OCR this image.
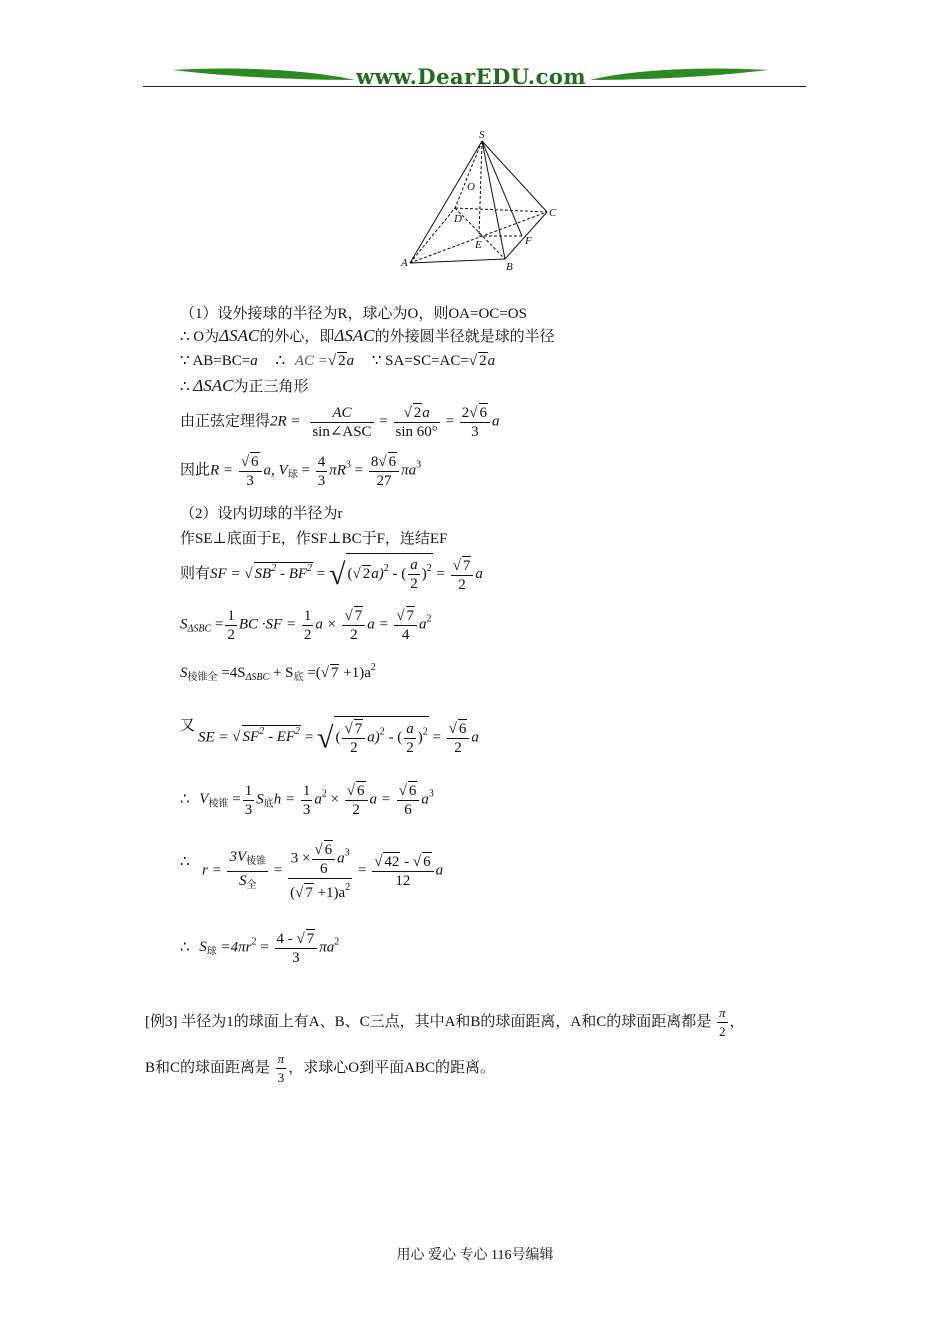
www.DearEDU.com
S
O
D	C
E	F
A	B
（1）设外接球的半径为R，球心为O，则OA=OC=OS
∴ O为ΔSAC的外心，即ΔSAC的外接圆半径就是球的半径
∵ AB=BC=a ∴ AC =√ 2a ∵ SA=SC=AC=√ 2a
∴ ΔSAC为正三角形
由正弦定理得$2R = \frac{AC}{\text{sin∠ASC}}$ =
√ $\frac{2a}{\sin 60^\circ} = \frac{2√ 6}{3}$ a
因此R =
√ $\frac{6}{3} a$, $V_球 = \frac{4}{3} \pi R^3 = \frac{8√ 6}{27} \pi a^3$
（2）设内切球的半径为r
作SE⊥底面于E，作SF⊥BC于F，连结EF
则有SF = √ $SB^2 - BF^2$ = √ (√ 2a)$^2$ - ( $\frac{a}{2} )^2$ =
√ $\frac{7}{2}$ a
$S_{\Delta SBC} = \frac{1}{2}$ BC $\cdot SF = \frac{1}{2}$ a ×
√ $\frac{7}{2}$ a =
√ $\frac{7}{4} a^2$
$S_{棱锥全} =4S_{\Delta SBC} + S_底$ =(√ $7 +1)a^2$
又
SE = √ $SF^2 - EF^2$ = √ (
√ $\frac{7}{2} a)^2$ - ( $\frac{a}{2} )^2$ =
√ $\frac{6}{2}$ a
∴ $V_{棱锥} = \frac{1}{3} S_底h = \frac{1}{3} a^2$ ×
√ $\frac{6}{2}$ a =
√ $\frac{6}{6} a^3$
∴
$r = \frac{3V_{棱锥}}{S_全} = 3$ ×
√ $\frac{6}{6} a^3$
(√ $7 +1)a^2$ =
√ $\frac{42 - √ 6}{12}$ a
∴ $S_球 =4\pi r^2 = \frac{4 - √ 7}{3} \pi a^2$
[例3] 半径为1的球面上有A、B、C三点，其中A和B的球面距离，A和C的球面距离都是 $\frac{\pi}{2}$ ，
B和C的球面距离是 $\frac{\pi}{3}$ ，求球心O到平面ABC的距离。
用心 爱心 专心 116号编辑
